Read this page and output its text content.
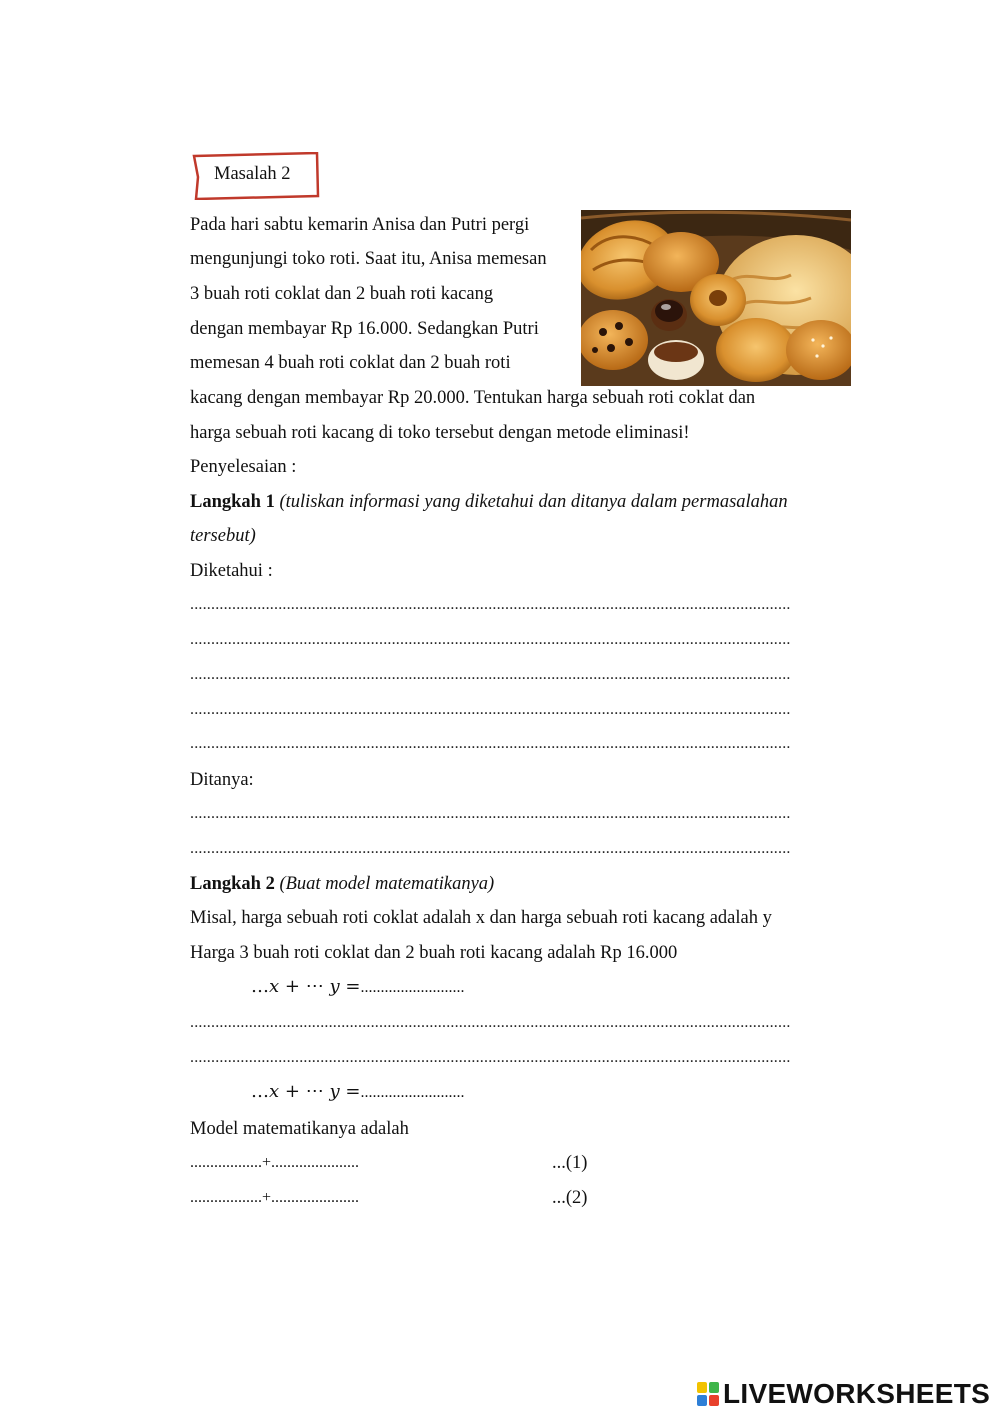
Masalah 2
Pada hari sabtu kemarin Anisa dan Putri pergi
mengunjungi toko roti. Saat itu, Anisa memesan
3 buah roti coklat dan 2 buah roti kacang
dengan membayar Rp 16.000. Sedangkan Putri
memesan 4 buah roti coklat dan 2 buah roti
kacang dengan membayar Rp 20.000. Tentukan harga sebuah roti coklat dan
harga sebuah roti kacang di toko tersebut dengan metode eliminasi!
Penyelesaian :
Langkah 1 (tuliskan informasi yang diketahui dan ditanya dalam permasalahan
tersebut)
Diketahui :
...............................................................................................................................................
...............................................................................................................................................
...............................................................................................................................................
...............................................................................................................................................
...............................................................................................................................................
Ditanya:
...............................................................................................................................................
...............................................................................................................................................
Langkah 2 (Buat model matematikanya)
Misal, harga sebuah roti coklat adalah x dan harga sebuah roti kacang adalah y
Harga 3 buah roti coklat dan 2 buah roti kacang adalah Rp 16.000
…𝑥 + ⋯ 𝑦 =..........................
...............................................................................................................................................
...............................................................................................................................................
…𝑥 + ⋯ 𝑦 =..........................
Model matematikanya adalah
..................+......................	...(1)
..................+......................	...(2)
LIVEWORKSHEETS
